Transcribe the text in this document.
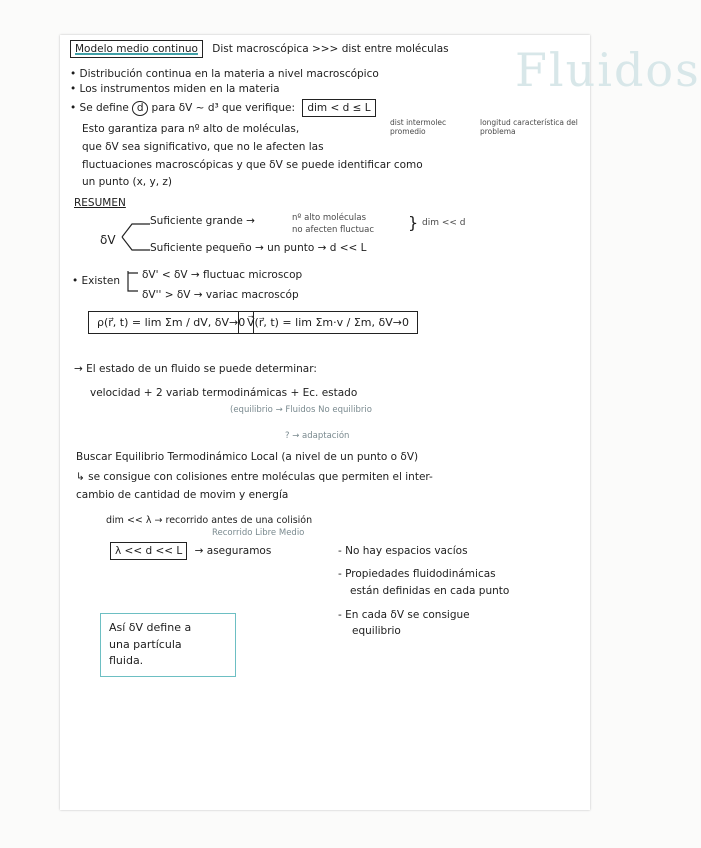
Fluidos
Modelo medio continuo Dist macroscópica >>> dist entre moléculas
• Distribución continua en la materia a nivel macroscópico
• Los instrumentos miden en la materia
• Se define d para δV ~ d³ que verifique: dim < d ≤ L
dist intermolec promedio
longitud característica del problema
Esto garantiza para nº alto de moléculas,
que δV sea significativo, que no le afecten las
fluctuaciones macroscópicas y que δV se puede identificar como
un punto (x, y, z)
RESUMEN
δV
Suficiente grande →	nº alto moléculas
no afecten fluctuac } dim << d
Suficiente pequeño → un punto → d << L
• Existen δV' < δV → fluctuac microscop
δV'' > δV → variac macroscóp
ρ(r⃗, t) = lim Σm / dV, δV→0 V⃗(r⃗, t) = lim Σm·v / Σm, δV→0
→ El estado de un fluido se puede determinar:
velocidad + 2 variab termodinámicas + Ec. estado
(equilibrio → Fluidos No equilibrio
? → adaptación
Buscar Equilibrio Termodinámico Local (a nivel de un punto o δV)
↳ se consigue con colisiones entre moléculas que permiten el inter-
cambio de cantidad de movim y energía
dim << λ → recorrido antes de una colisión
Recorrido Libre Medio
λ << d << L → aseguramos	- No hay espacios vacíos
- Propiedades fluidodinámicas
están definidas en cada punto
- En cada δV se consigue
equilibrio
Así δV define a
una partícula
fluida.
